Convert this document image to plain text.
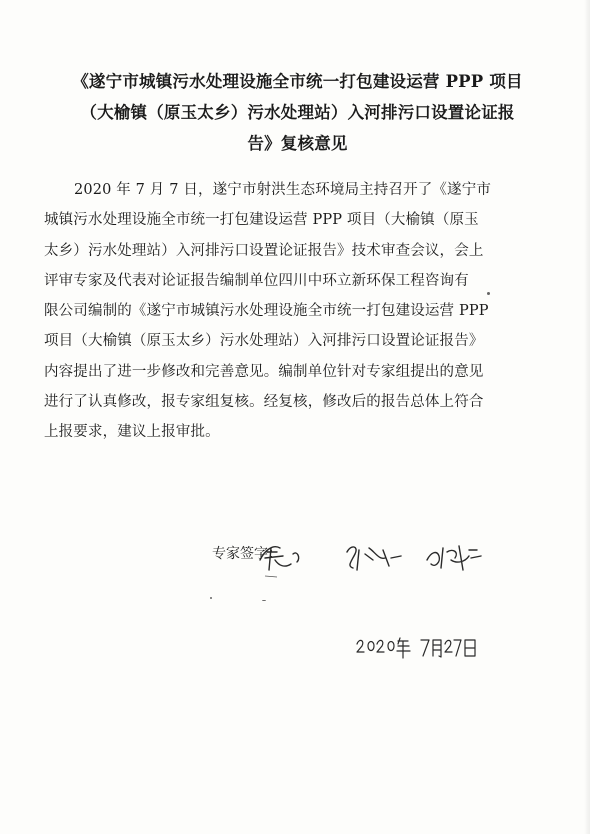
《遂宁市城镇污水处理设施全市统一打包建设运营 PPP 项目
（大榆镇（原玉太乡）污水处理站）入河排污口设置论证报
告》复核意见
2020 年 7 月 7 日，遂宁市射洪生态环境局主持召开了《遂宁市
城镇污水处理设施全市统一打包建设运营 PPP 项目（大榆镇（原玉
太乡）污水处理站）入河排污口设置论证报告》技术审查会议，会上
评审专家及代表对论证报告编制单位四川中环立新环保工程咨询有
限公司编制的《遂宁市城镇污水处理设施全市统一打包建设运营 PPP
项目（大榆镇（原玉太乡）污水处理站）入河排污口设置论证报告》
内容提出了进一步修改和完善意见。编制单位针对专家组提出的意见
进行了认真修改，报专家组复核。经复核，修改后的报告总体上符合
上报要求，建议上报审批。
专家签字：
